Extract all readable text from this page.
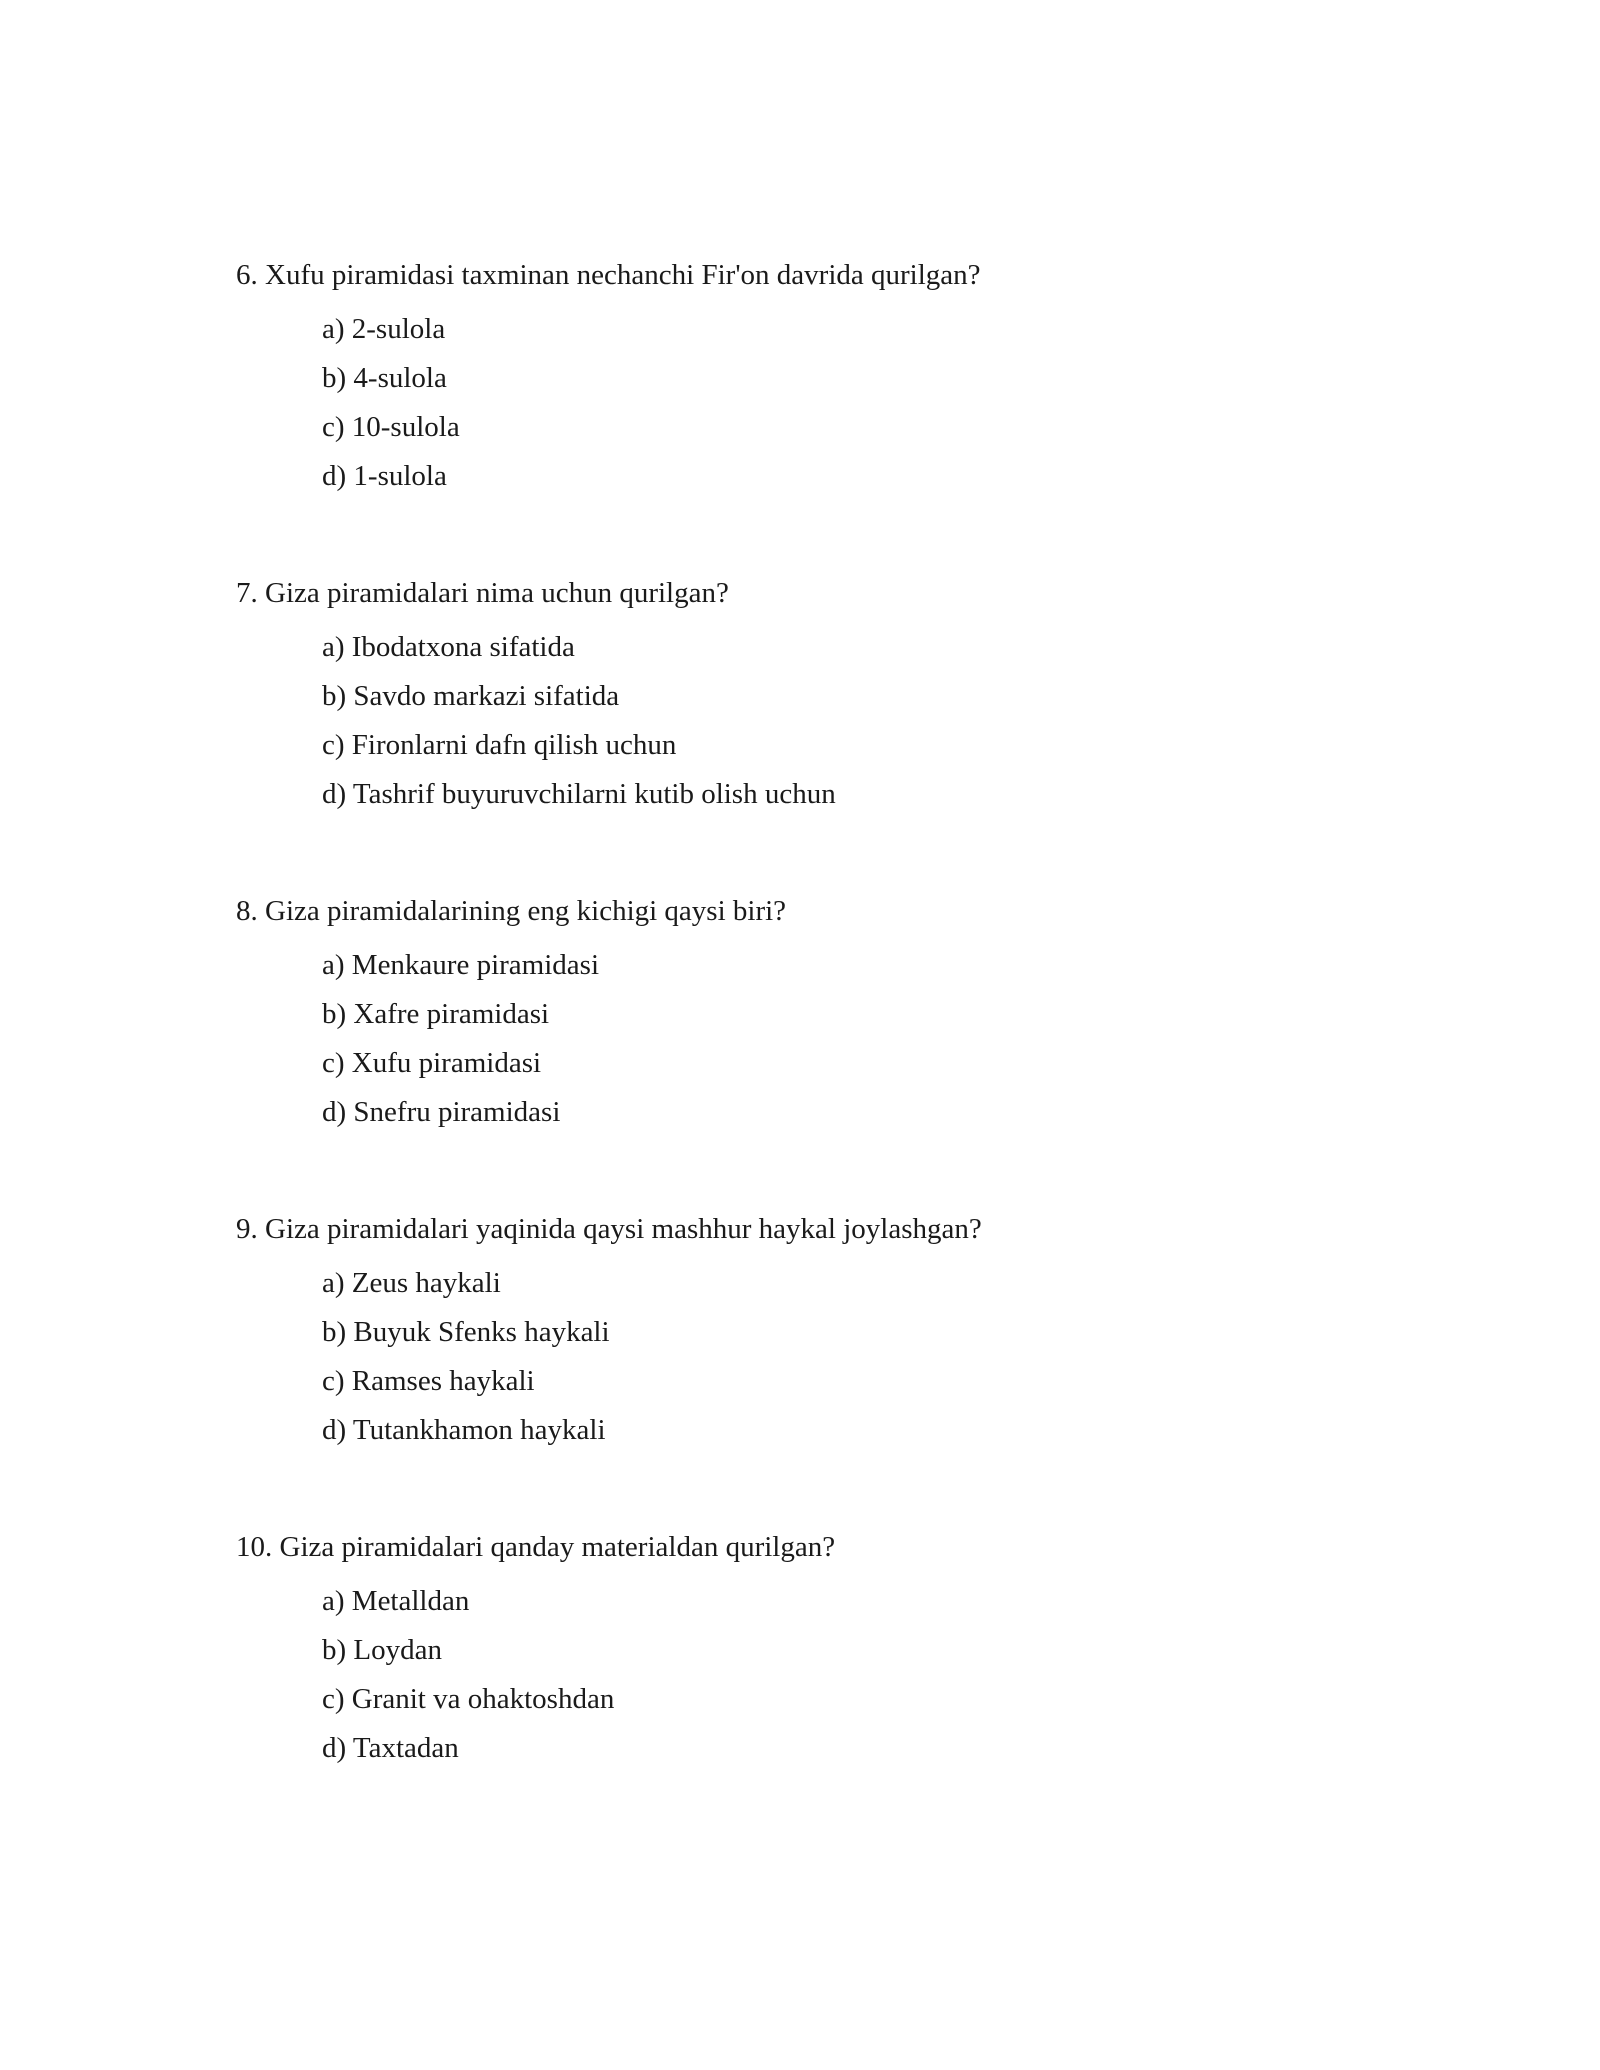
6. Xufu piramidasi taxminan nechanchi Fir'on davrida qurilgan?

a) 2-sulola
b) 4-sulola
c) 10-sulola
d) 1-sulola

7. Giza piramidalari nima uchun qurilgan?

a) Ibodatxona sifatida
b) Savdo markazi sifatida
c) Fironlarni dafn qilish uchun
d) Tashrif buyuruvchilarni kutib olish uchun

8. Giza piramidalarining eng kichigi qaysi biri?

a) Menkaure piramidasi
b) Xafre piramidasi
c) Xufu piramidasi
d) Snefru piramidasi

9. Giza piramidalari yaqinida qaysi mashhur haykal joylashgan?

a) Zeus haykali
b) Buyuk Sfenks haykali
c) Ramses haykali
d) Tutankhamon haykali

10. Giza piramidalari qanday materialdan qurilgan?

a) Metalldan
b) Loydan
c) Granit va ohaktoshdan
d) Taxtadan
